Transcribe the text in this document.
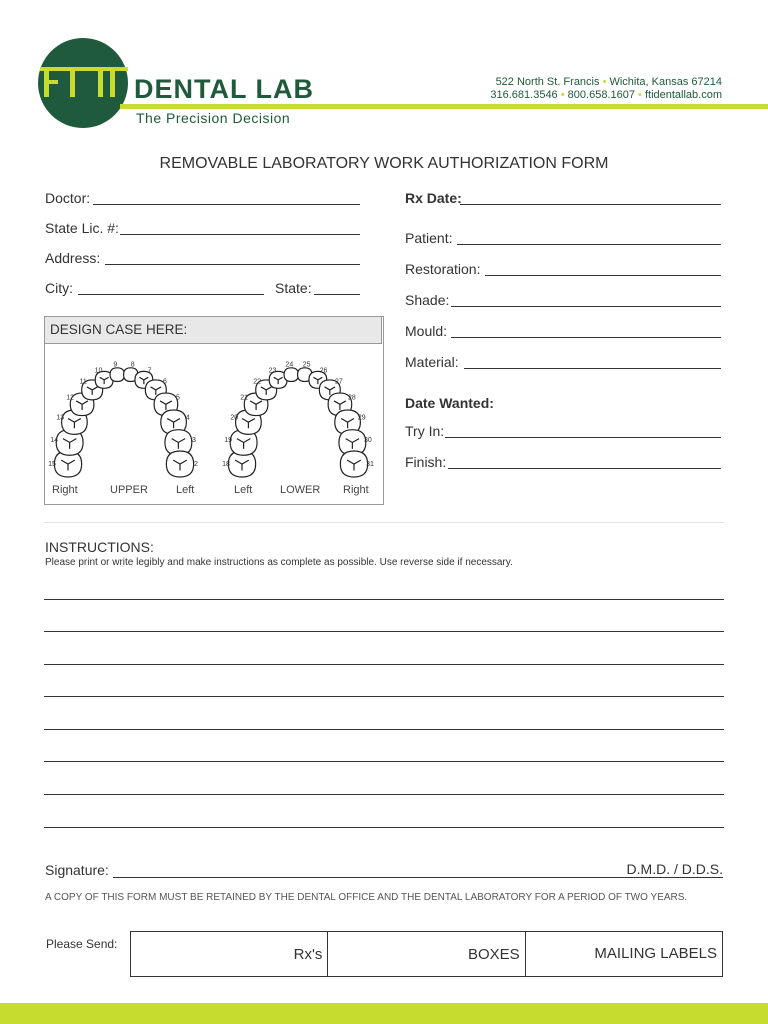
DENTAL LAB
The Precision Decision
522 North St. Francis • Wichita, Kansas 67214
316.681.3546 • 800.658.1607 • ftidentallab.com
REMOVABLE LABORATORY WORK AUTHORIZATION FORM
Doctor:
State Lic. #:
Address:
City:	State:
Rx Date:
Patient:
Restoration:
Shade:
Mould:
Material:
Date Wanted:
Try In:
Finish:
DESIGN CASE HERE:
15
14
13
12
11
10
9 8
7
6
5
4
3
2	18
19
20
21
22
23
24 25
26
27
28
29
30
31
Right	UPPER	Left	Left	LOWER Right
INSTRUCTIONS:
Please print or write legibly and make instructions as complete as possible. Use reverse side if necessary.
Signature:	D.M.D. / D.D.S.
A COPY OF THIS FORM MUST BE RETAINED BY THE DENTAL OFFICE AND THE DENTAL LABORATORY FOR A PERIOD OF TWO YEARS.
Please Send:
Rx's	BOXES	MAILING LABELS
